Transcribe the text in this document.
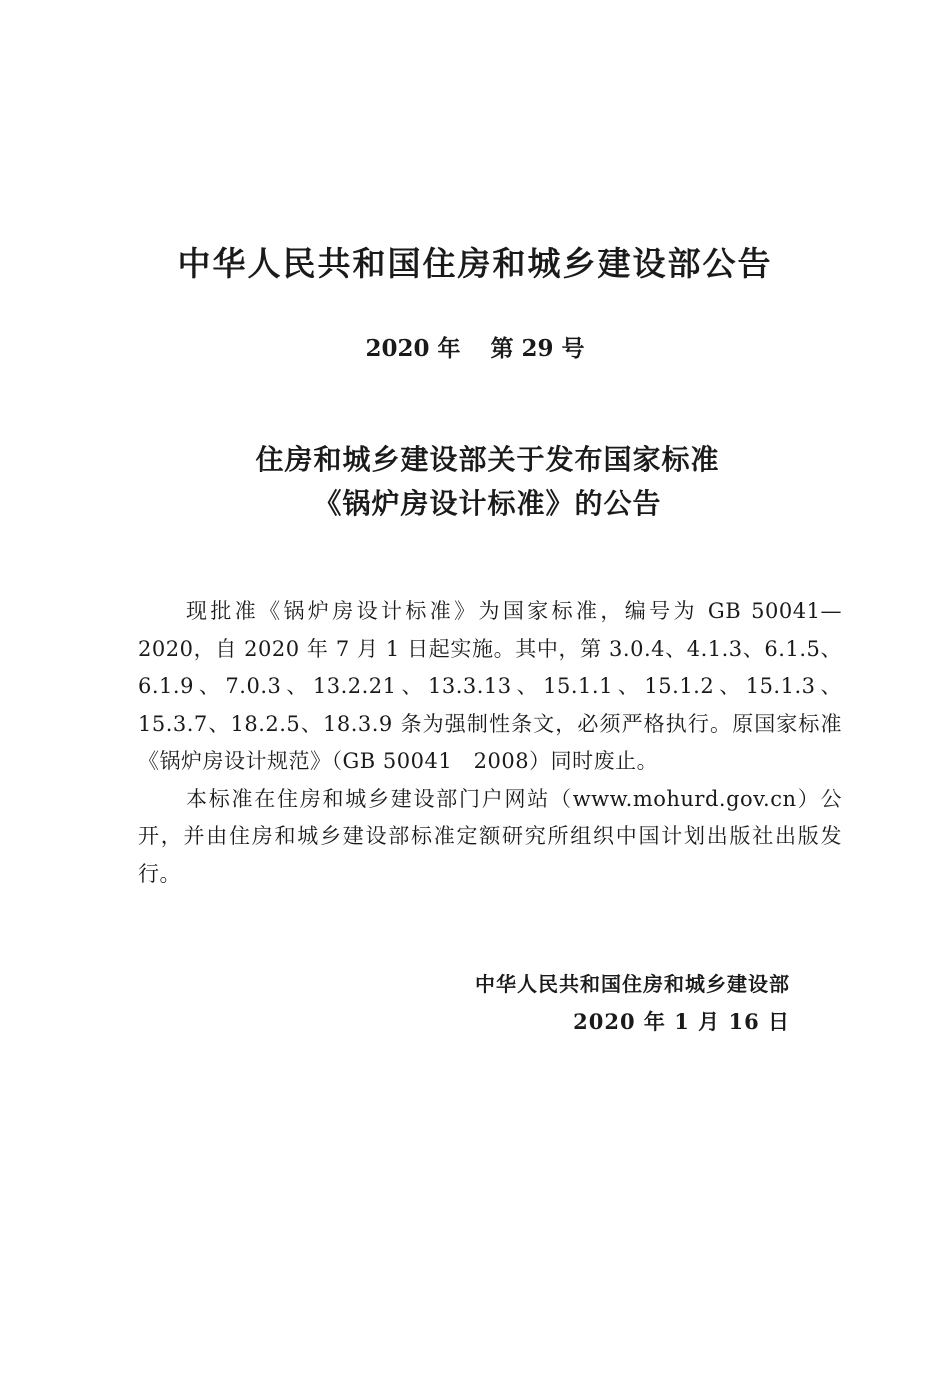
中华人民共和国住房和城乡建设部公告
2020 年 第 29 号
住房和城乡建设部关于发布国家标准
《锅炉房设计标准》的公告

现批准《锅炉房设计标准》为国家标准，编号为 GB 50041—2020，自 2020 年 7 月 1 日起实施。其中，第 3.0.4、4.1.3、6.1.5、6.1.9、7.0.3、13.2.21、13.3.13、15.1.1、15.1.2、15.1.3、15.3.7、18.2.5、18.3.9 条为强制性条文，必须严格执行。原国家标准《锅炉房设计规范》（GB 50041　2008）同时废止。

本标准在住房和城乡建设部门户网站（www.mohurd.gov.cn）公开，并由住房和城乡建设部标准定额研究所组织中国计划出版社出版发行。

中华人民共和国住房和城乡建设部
2020 年 1 月 16 日
